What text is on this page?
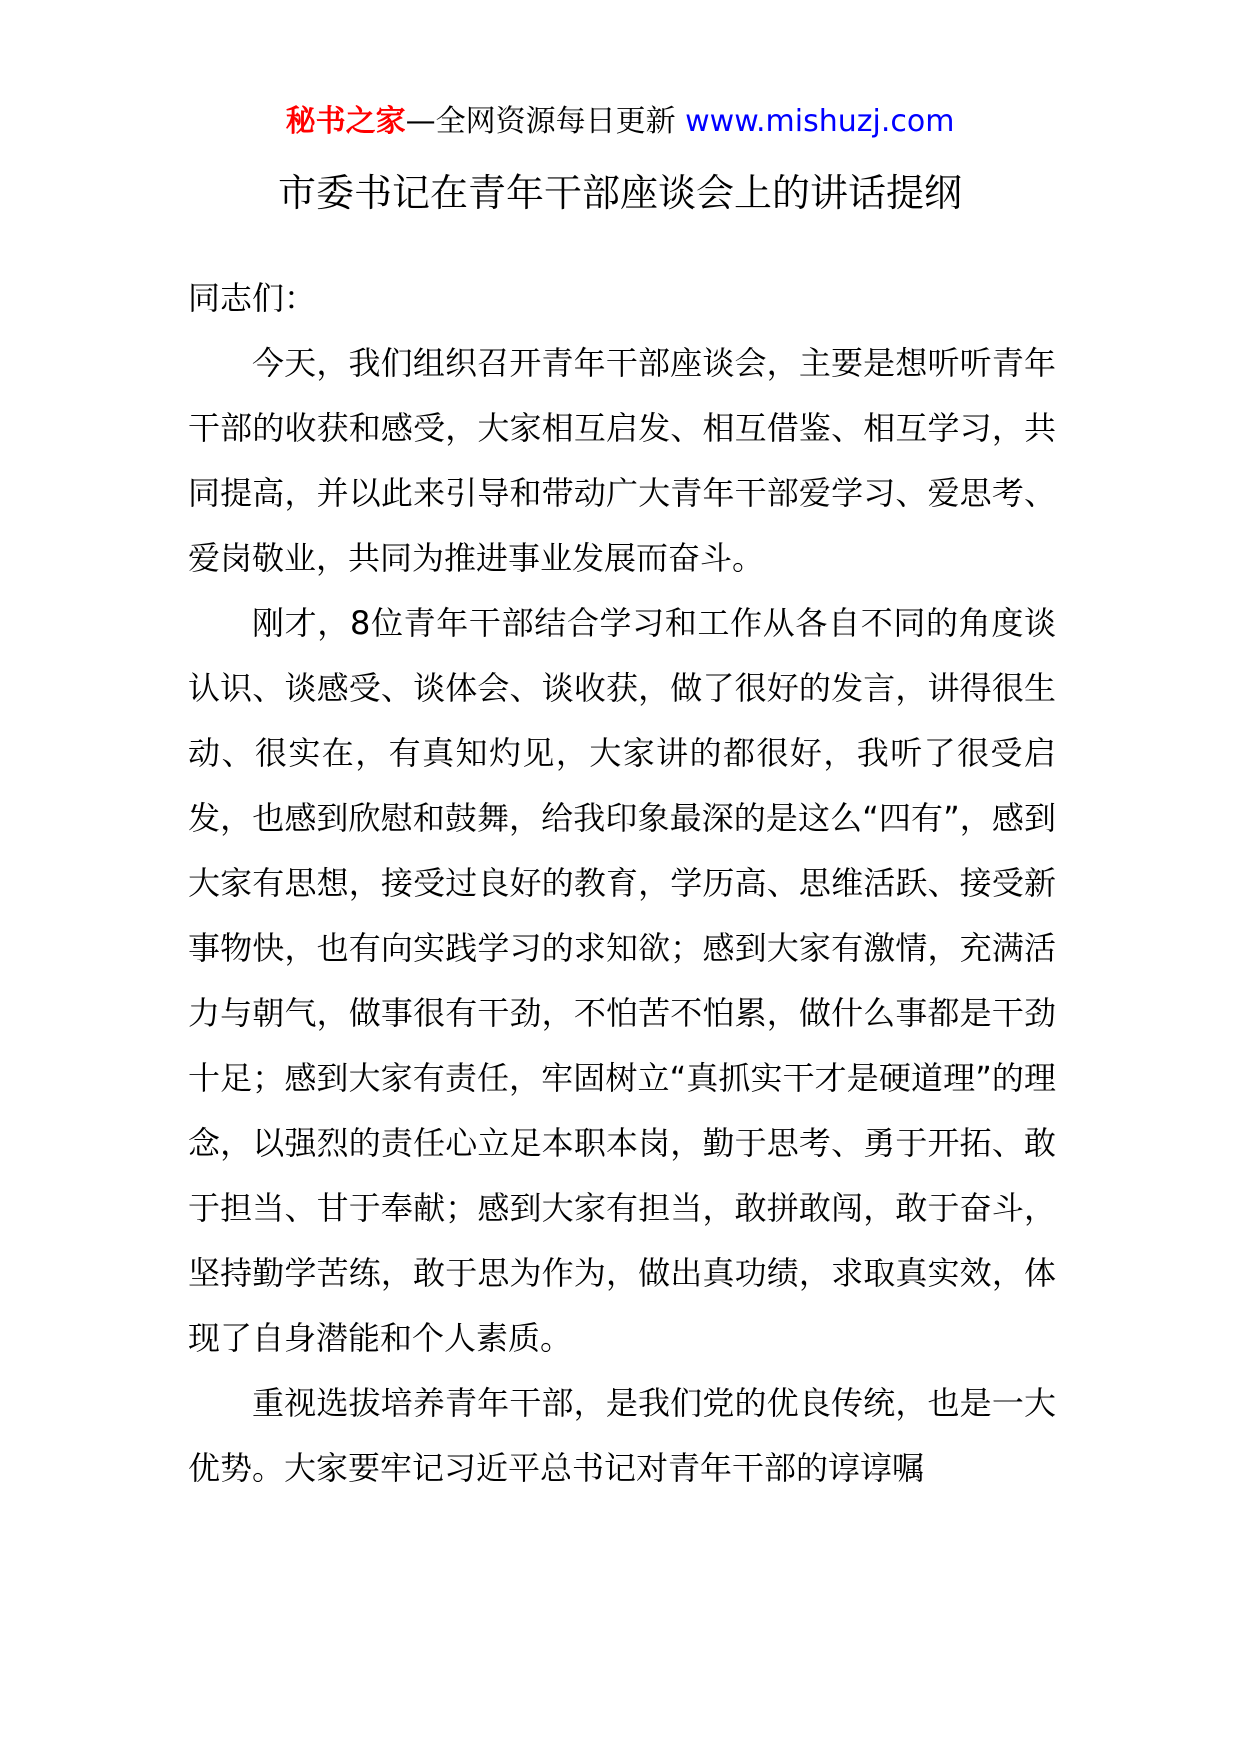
秘书之家—全网资源每日更新 www.mishuzj.com
市委书记在青年干部座谈会上的讲话提纲

同志们：

今天，我们组织召开青年干部座谈会，主要是想听听青年干部的收获和感受，大家相互启发、相互借鉴、相互学习，共同提高，并以此来引导和带动广大青年干部爱学习、爱思考、爱岗敬业，共同为推进事业发展而奋斗。

刚才，8位青年干部结合学习和工作从各自不同的角度谈认识、谈感受、谈体会、谈收获，做了很好的发言，讲得很生动、很实在，有真知灼见，大家讲的都很好，我听了很受启发，也感到欣慰和鼓舞，给我印象最深的是这么“四有”，感到大家有思想，接受过良好的教育，学历高、思维活跃、接受新事物快，也有向实践学习的求知欲；感到大家有激情，充满活力与朝气，做事很有干劲，不怕苦不怕累，做什么事都是干劲十足；感到大家有责任，牢固树立“真抓实干才是硬道理”的理念，以强烈的责任心立足本职本岗，勤于思考、勇于开拓、敢于担当、甘于奉献；感到大家有担当，敢拼敢闯，敢于奋斗，坚持勤学苦练，敢于思为作为，做出真功绩，求取真实效，体现了自身潜能和个人素质。

重视选拔培养青年干部，是我们党的优良传统，也是一大优势。大家要牢记习近平总书记对青年干部的谆谆嘱
